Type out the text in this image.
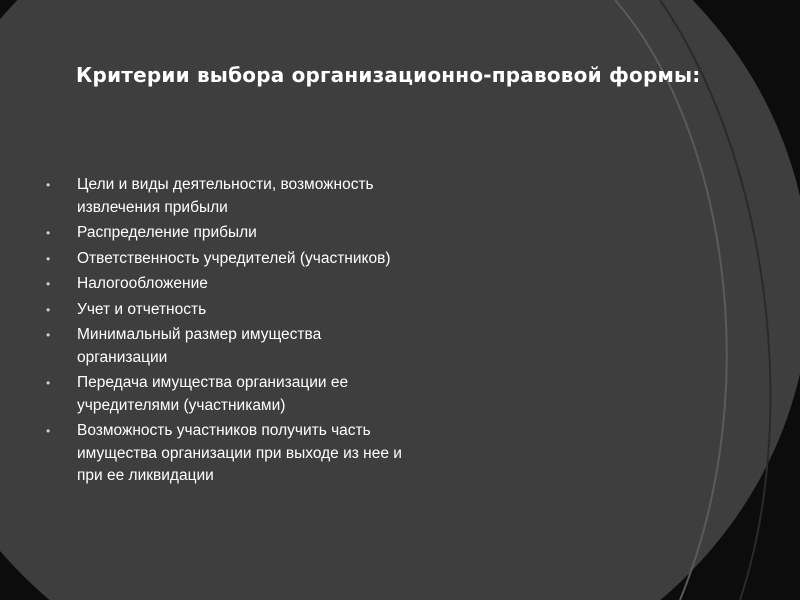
Критерии выбора организационно-правовой формы:
• Цели и виды деятельности, возможность извлечения прибыли
• Распределение прибыли
• Ответственность учредителей (участников)
• Налогообложение
• Учет и отчетность
• Минимальный размер имущества организации
• Передача имущества организации ее учредителями (участниками)
• Возможность участников получить часть имущества организации при выходе из нее и при ее ликвидации
